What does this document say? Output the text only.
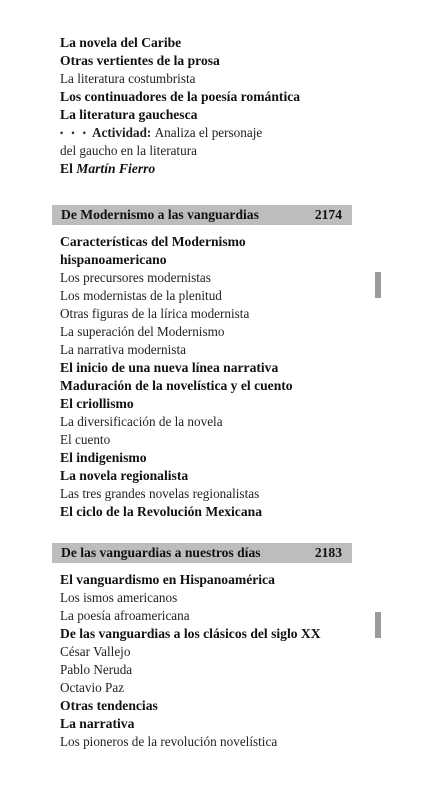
La novela del Caribe
Otras vertientes de la prosa
La literatura costumbrista
Los continuadores de la poesía romántica
La literatura gauchesca
• • • Actividad: Analiza el personaje
del gaucho en la literatura
El Martín Fierro
De Modernismo a las vanguardias	2174
Características del Modernismo
hispanoamericano
Los precursores modernistas
Los modernistas de la plenitud
Otras figuras de la lírica modernista
La superación del Modernismo
La narrativa modernista
El inicio de una nueva línea narrativa
Maduración de la novelística y el cuento
El criollismo
La diversificación de la novela
El cuento
El indigenismo
La novela regionalista
Las tres grandes novelas regionalistas
El ciclo de la Revolución Mexicana
De las vanguardias a nuestros días	2183
El vanguardismo en Hispanoamérica
Los ismos americanos
La poesía afroamericana
De las vanguardias a los clásicos del siglo XX
César Vallejo
Pablo Neruda
Octavio Paz
Otras tendencias
La narrativa
Los pioneros de la revolución novelística
